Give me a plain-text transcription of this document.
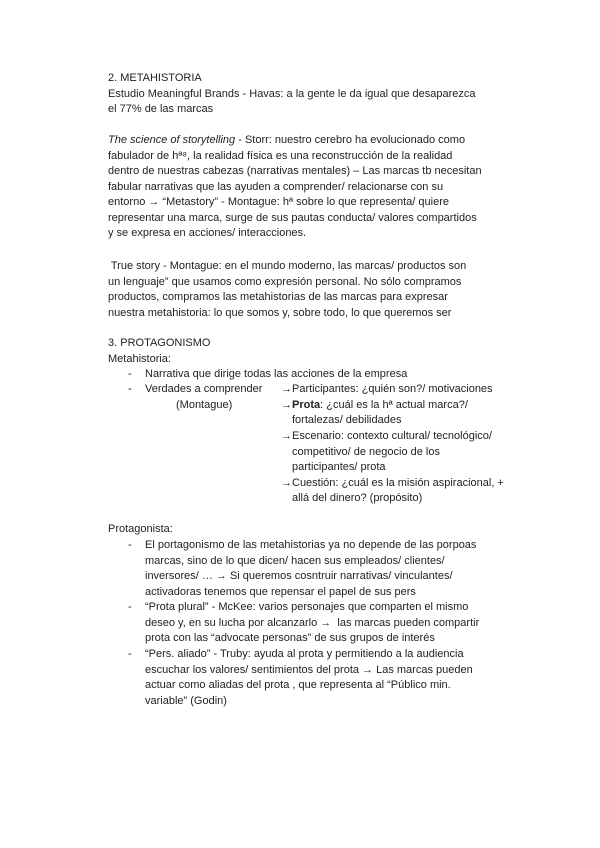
2. METAHISTORIA
Estudio Meaningful Brands - Havas: a la gente le da igual que desaparezca
el 77% de las marcas
The science of storytelling - Storr: nuestro cerebro ha evolucionado como
fabulador de hª⁸, la realidad física es una reconstrucción de la realidad
dentro de nuestras cabezas (narrativas mentales) – Las marcas tb necesitan
fabular narrativas que las ayuden a comprender/ relacionarse con su
entorno → “Metastory” - Montague: hª sobre lo que representa/ quiere
representar una marca, surge de sus pautas conducta/ valores compartidos
y se expresa en acciones/ interacciones.
True story - Montague: en el mundo moderno, las marcas/ productos son
un lenguaje” que usamos como expresión personal. No sólo compramos
productos, compramos las metahistorias de las marcas para expresar
nuestra metahistoria: lo que somos y, sobre todo, lo que queremos ser
3. PROTAGONISMO
Metahistoria:
- Narrativa que dirige todas las acciones de la empresa
- Verdades a comprender
(Montague)
→ Participantes: ¿quién son?/ motivaciones
→ Prota: ¿cuál es la hª actual marca?/
fortalezas/ debilidades
→ Escenario: contexto cultural/ tecnológico/
competitivo/ de negocio de los
participantes/ prota
→ Cuestión: ¿cuál es la misión aspiracional, +
allá del dinero? (propósito)
Protagonista:
- El portagonismo de las metahistorias ya no depende de las porpoas
marcas, sino de lo que dicen/ hacen sus empleados/ clientes/
inversores/ … → Si queremos cosntruir narrativas/ vinculantes/
activadoras tenemos que repensar el papel de sus pers
- “Prota plural” - McKee: varios personajes que comparten el mismo
deseo y, en su lucha por alcanzarlo →  las marcas pueden compartir
prota con las “advocate personas” de sus grupos de interés
- “Pers. aliado” - Truby: ayuda al prota y permitiendo a la audiencia
escuchar los valores/ sentimientos del prota → Las marcas pueden
actuar como aliadas del prota , que representa al “Público min.
variable” (Godin)
